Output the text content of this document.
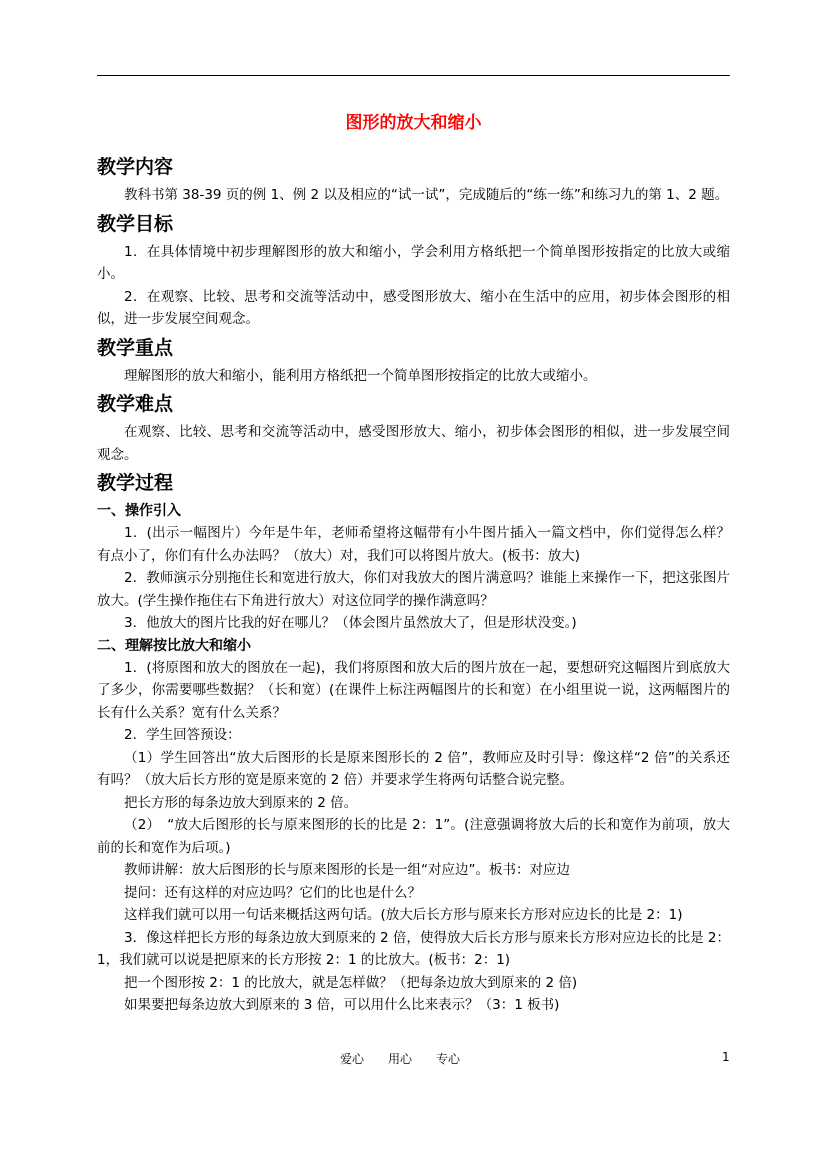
图形的放大和缩小
教学内容

教科书第 38-39 页的例 1、例 2 以及相应的“试一试”，完成随后的“练一练”和练习九的第 1、2 题。

教学目标

1．在具体情境中初步理解图形的放大和缩小，学会利用方格纸把一个简单图形按指定的比放大或缩小。

2．在观察、比较、思考和交流等活动中，感受图形放大、缩小在生活中的应用，初步体会图形的相似，进一步发展空间观念。

教学重点

理解图形的放大和缩小，能利用方格纸把一个简单图形按指定的比放大或缩小。

教学难点

在观察、比较、思考和交流等活动中，感受图形放大、缩小，初步体会图形的相似，进一步发展空间观念。

教学过程
一、操作引入

1．(出示一幅图片）今年是牛年，老师希望将这幅带有小牛图片插入一篇文档中，你们觉得怎么样？有点小了，你们有什么办法吗？（放大）对，我们可以将图片放大。(板书：放大)

2．教师演示分别拖住长和宽进行放大，你们对我放大的图片满意吗？谁能上来操作一下，把这张图片放大。(学生操作拖住右下角进行放大）对这位同学的操作满意吗？

3．他放大的图片比我的好在哪儿？（体会图片虽然放大了，但是形状没变。)

二、理解按比放大和缩小

1．(将原图和放大的图放在一起)，我们将原图和放大后的图片放在一起，要想研究这幅图片到底放大了多少，你需要哪些数据？（长和宽）(在课件上标注两幅图片的长和宽）在小组里说一说，这两幅图片的长有什么关系？宽有什么关系？

2．学生回答预设：

（1）学生回答出“放大后图形的长是原来图形长的 2 倍”，教师应及时引导：像这样“2 倍”的关系还有吗？（放大后长方形的宽是原来宽的 2 倍）并要求学生将两句话整合说完整。

把长方形的每条边放大到原来的 2 倍。

（2）　“放大后图形的长与原来图形的长的比是 2：1”。(注意强调将放大后的长和宽作为前项，放大前的长和宽作为后项。)

教师讲解：放大后图形的长与原来图形的长是一组“对应边”。板书：对应边

提问：还有这样的对应边吗？它们的比也是什么？

这样我们就可以用一句话来概括这两句话。(放大后长方形与原来长方形对应边长的比是 2：1)

3．像这样把长方形的每条边放大到原来的 2 倍，使得放大后长方形与原来长方形对应边长的比是 2：1，我们就可以说是把原来的长方形按 2：1 的比放大。(板书：2：1)

把一个图形按 2：1 的比放大，就是怎样做？（把每条边放大到原来的 2 倍)

如果要把每条边放大到原来的 3 倍，可以用什么比来表示？（3：1 板书)

爱心　　用心　　专心	1
